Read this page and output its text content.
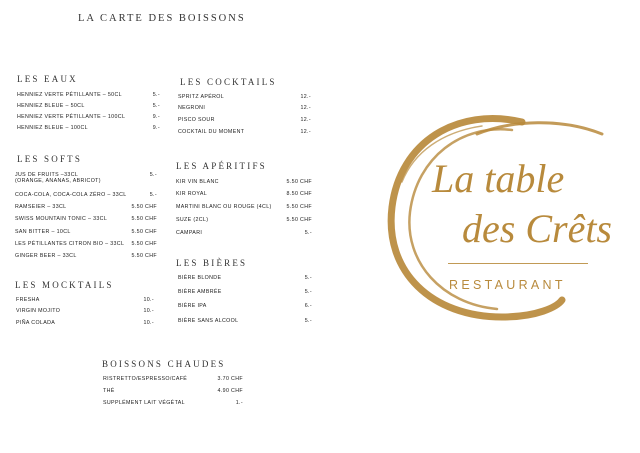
LA CARTE DES BOISSONS
LES EAUX
HENNIEZ VERTE PÉTILLANTE – 50CL	5.-
HENNIEZ BLEUE – 50CL	5.-
HENNIEZ VERTE PÉTILLANTE – 100CL	9.-
HENNIEZ BLEUE – 100CL	9.-
LES SOFTS
JUS DE FRUITS –33CL
(ORANGE, ANANAS, ABRICOT)
5.-
COCA-COLA, COCA-COLA ZÉRO – 33CL	5.-
RAMSEIER – 33CL	5.50 CHF
SWISS MOUNTAIN TONIC – 33CL	5.50 CHF
SAN BITTER – 10CL	5.50 CHF
LES PÉTILLANTES CITRON BIO – 33CL 5.50 CHF
GINGER BEER – 33CL	5.50 CHF
LES MOCKTAILS
FRESHA	10.-
VIRGIN MOJITO	10.-
PIÑA COLADA	10.-
LES COCKTAILS
SPRITZ APÉROL	12.-
NEGRONI	12.-
PISCO SOUR	12.-
COCKTAIL DU MOMENT	12.-
LES APÉRITIFS
KIR VIN BLANC	5.50 CHF
KIR ROYAL	8.50 CHF
MARTINI BLANC OU ROUGE (4CL)	5.50 CHF
SUZE (2CL)	5.50 CHF
CAMPARI	5.-
LES BIÈRES
BIÈRE BLONDE	5.-
BIÈRE AMBRÉE	5.-
BIÈRE IPA	6.-
BIÈRE SANS ALCOOL	5.-
BOISSONS CHAUDES
RISTRETTO/ESPRESSO/CAFÉ	3.70 CHF
THÉ	4.90 CHF
SUPPLÉMENT LAIT VÉGÉTAL	1.-
La table
des Crêts
RESTAURANT
